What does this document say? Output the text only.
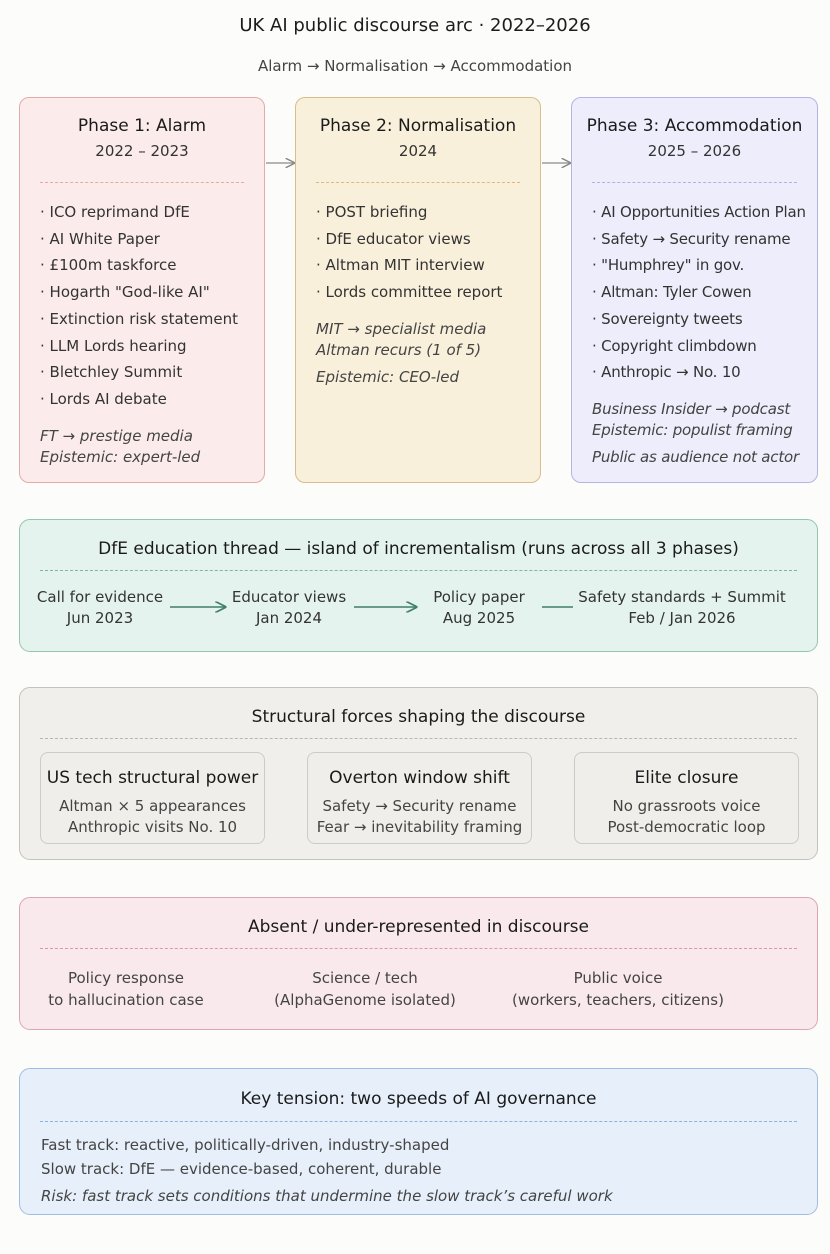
UK AI public discourse arc · 2022–2026
Alarm → Normalisation → Accommodation
Phase 1: Alarm
2022 – 2023
· ICO reprimand DfE
· AI White Paper
· £100m taskforce
· Hogarth "God-like AI"
· Extinction risk statement
· LLM Lords hearing
· Bletchley Summit
· Lords AI debate
FT → prestige media
Epistemic: expert-led
Phase 2: Normalisation
2024
· POST briefing
· DfE educator views
· Altman MIT interview
· Lords committee report
MIT → specialist media
Altman recurs (1 of 5)
Epistemic: CEO-led
Phase 3: Accommodation
2025 – 2026
· AI Opportunities Action Plan
· Safety → Security rename
· "Humphrey" in gov.
· Altman: Tyler Cowen
· Sovereignty tweets
· Copyright climbdown
· Anthropic → No. 10
Business Insider → podcast
Epistemic: populist framing
Public as audience not actor
DfE education thread — island of incrementalism (runs across all 3 phases)
Call for evidence
Jun 2023
Educator views
Jan 2024
Policy paper
Aug 2025
Safety standards + Summit
Feb / Jan 2026
Structural forces shaping the discourse
US tech structural power
Altman × 5 appearances
Anthropic visits No. 10
Overton window shift
Safety → Security rename
Fear → inevitability framing
Elite closure
No grassroots voice
Post-democratic loop
Absent / under-represented in discourse
Policy response
to hallucination case
Science / tech
(AlphaGenome isolated)
Public voice
(workers, teachers, citizens)
Key tension: two speeds of AI governance
Fast track: reactive, politically-driven, industry-shaped
Slow track: DfE — evidence-based, coherent, durable
Risk: fast track sets conditions that undermine the slow track’s careful work
